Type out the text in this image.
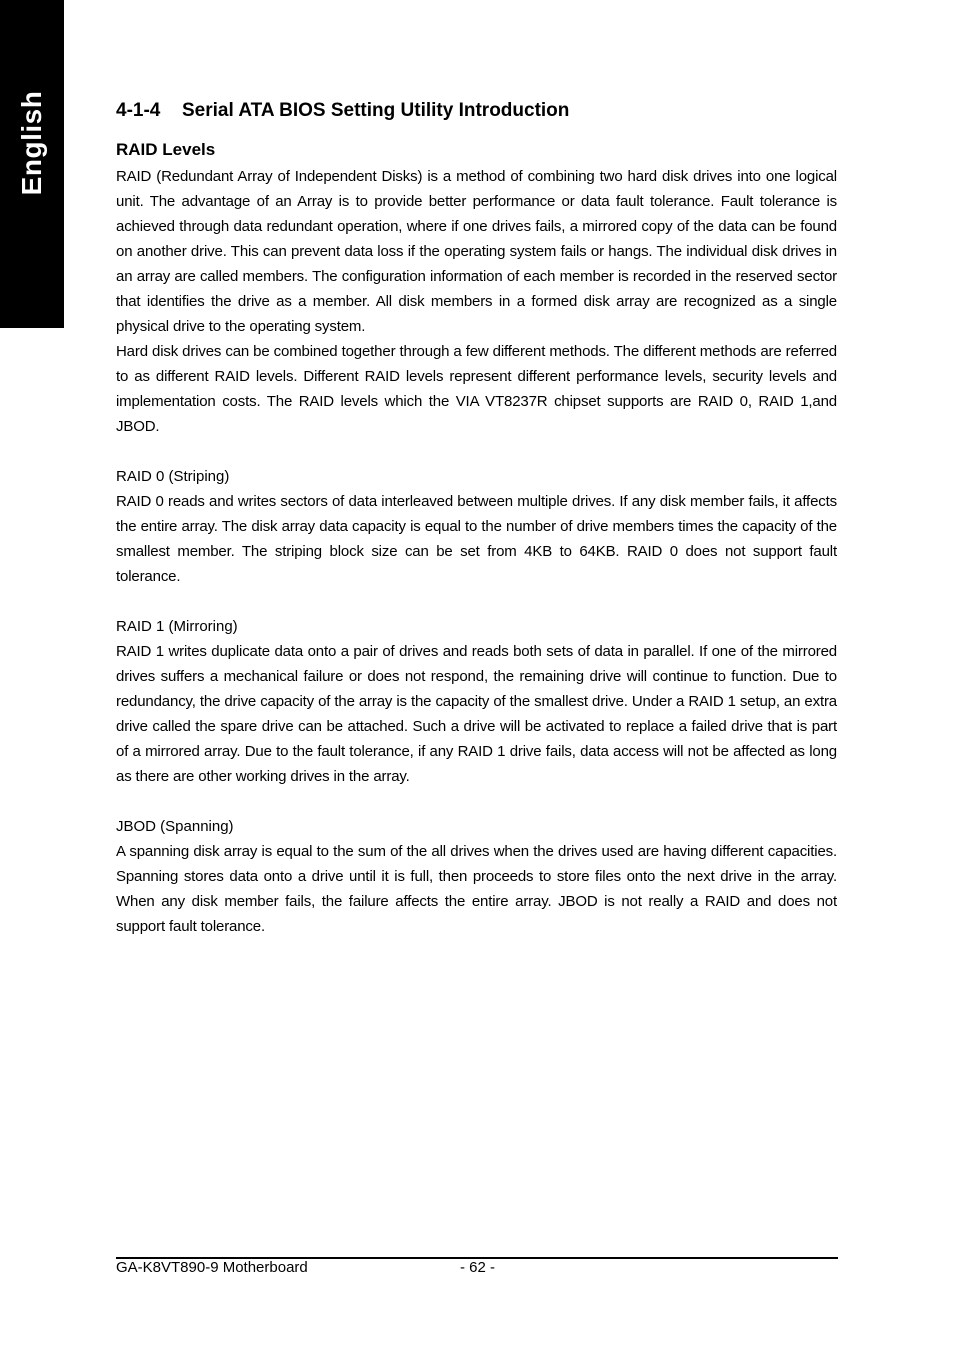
English	4-1-4 Serial ATA BIOS Setting Utility Introduction
RAID Levels

RAID (Redundant Array of Independent Disks) is a method of combining two hard disk drives into one logical unit. The advantage of an Array is to provide better performance or data fault tolerance. Fault tolerance is achieved through data redundant operation, where if one drives fails, a mirrored copy of the data can be found on another drive. This can prevent data loss if the operating system fails or hangs. The individual disk drives in an array are called members. The configuration information of each member is recorded in the reserved sector that identifies the drive as a member. All disk members in a formed disk array are recognized as a single physical drive to the operating system.

Hard disk drives can be combined together through a few different methods. The different methods are referred to as different RAID levels. Different RAID levels represent different performance levels, security levels and implementation costs. The RAID levels which the VIA VT8237R chipset supports are RAID 0, RAID 1,and JBOD.

RAID 0 (Striping)

RAID 0 reads and writes sectors of data interleaved between multiple drives. If any disk member fails, it affects the entire array. The disk array data capacity is equal to the number of drive members times the capacity of the smallest member. The striping block size can be set from 4KB to 64KB. RAID 0 does not support fault tolerance.

RAID 1 (Mirroring)

RAID 1 writes duplicate data onto a pair of drives and reads both sets of data in parallel. If one of the mirrored drives suffers a mechanical failure or does not respond, the remaining drive will continue to function. Due to redundancy, the drive capacity of the array is the capacity of the smallest drive. Under a RAID 1 setup, an extra drive called the spare drive can be attached. Such a drive will be activated to replace a failed drive that is part of a mirrored array. Due to the fault tolerance, if any RAID 1 drive fails, data access will not be affected as long as there are other working drives in the array.

JBOD (Spanning)

A spanning disk array is equal to the sum of the all drives when the drives used are having different capacities. Spanning stores data onto a drive until it is full, then proceeds to store files onto the next drive in the array. When any disk member fails, the failure affects the entire array. JBOD is not really a RAID and does not support fault tolerance.

GA-K8VT890-9 Motherboard	- 62 -
